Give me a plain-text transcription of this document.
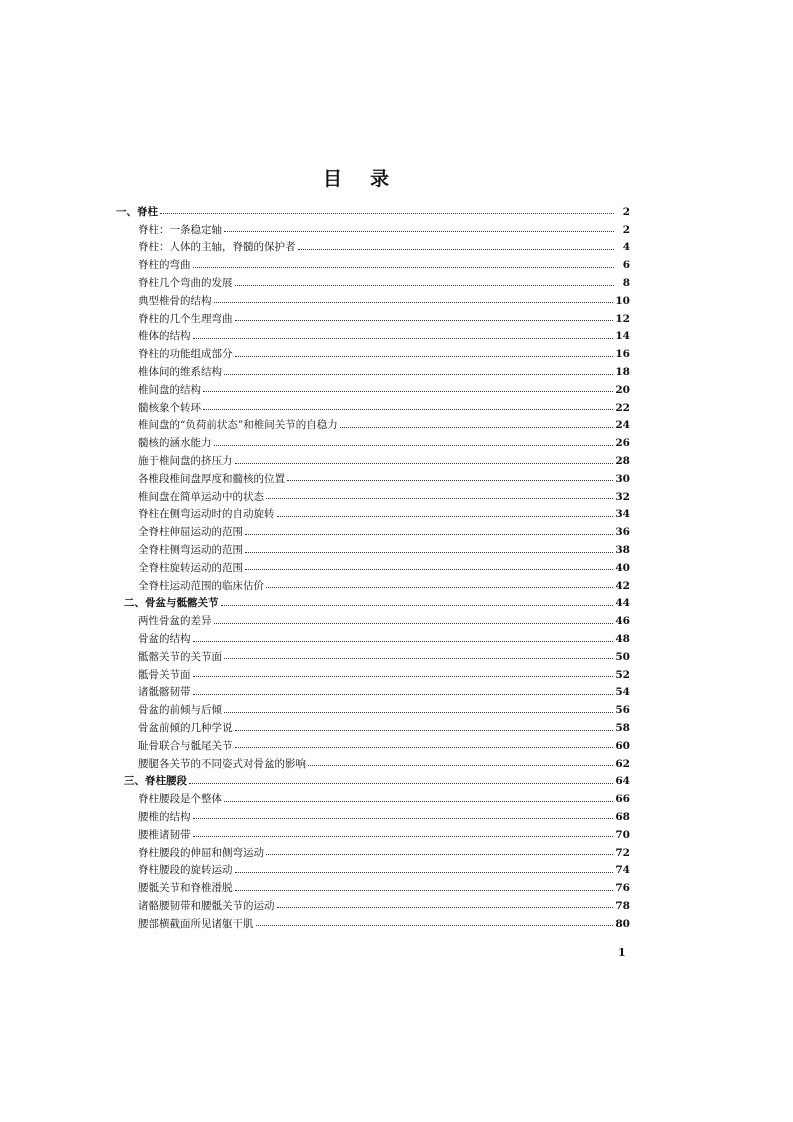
目录
一、脊柱	2
脊柱：一条稳定轴	2
脊柱：人体的主轴，脊髓的保护者	4
脊柱的弯曲	6
脊柱几个弯曲的发展	8
典型椎骨的结构	10
脊柱的几个生理弯曲	12
椎体的结构	14
脊柱的功能组成部分	16
椎体间的维系结构	18
椎间盘的结构	20
髓核象个转环	22
椎间盘的“负荷前状态”和椎间关节的自稳力	24
髓核的涵水能力	26
施于椎间盘的挤压力	28
各椎段椎间盘厚度和髓核的位置	30
椎间盘在简单运动中的状态	32
脊柱在侧弯运动时的自动旋转	34
全脊柱伸屈运动的范围	36
全脊柱侧弯运动的范围	38
全脊柱旋转运动的范围	40
全脊柱运动范围的临床估价	42
二、骨盆与骶髂关节	44
两性骨盆的差异	46
骨盆的结构	48
骶髂关节的关节面	50
骶骨关节面	52
诸骶髂韧带	54
骨盆的前倾与后倾	56
骨盆前倾的几种学说	58
耻骨联合与骶尾关节	60
腰腿各关节的不同姿式对骨盆的影响	62
三、脊柱腰段	64
脊柱腰段是个整体	66
腰椎的结构	68
腰椎诸韧带	70
脊柱腰段的伸屈和侧弯运动	72
脊柱腰段的旋转运动	74
腰骶关节和脊椎滑脱	76
诸骼腰韧带和腰骶关节的运动	78
腰部横截面所见诸躯干肌	80
1
